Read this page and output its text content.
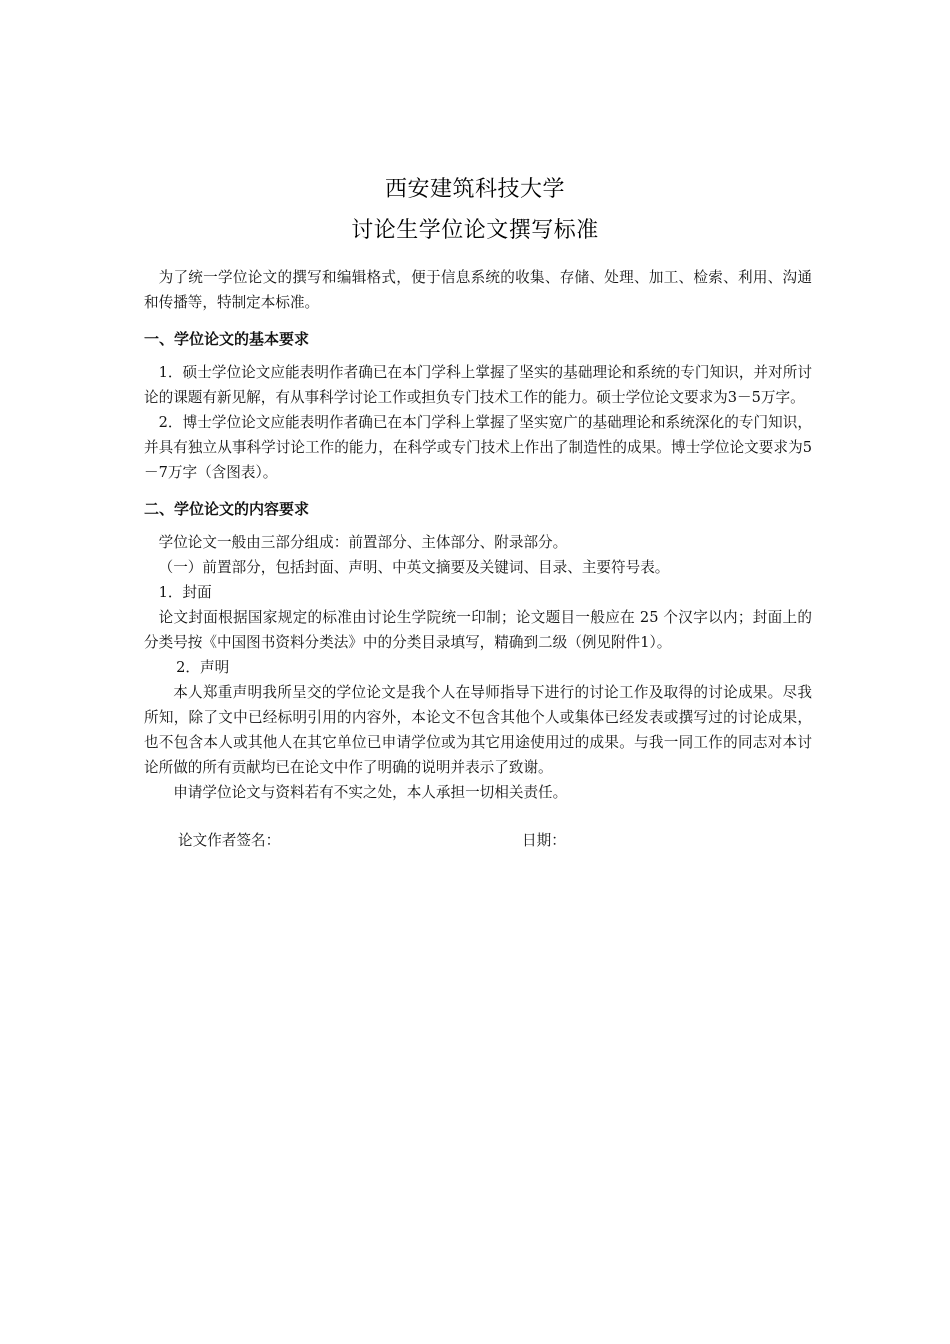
西安建筑科技大学
讨论生学位论文撰写标准

为了统一学位论文的撰写和编辑格式，便于信息系统的收集、存储、处理、加工、检索、利用、沟通和传播等，特制定本标准。

一、学位论文的基本要求

1．硕士学位论文应能表明作者确已在本门学科上掌握了坚实的基础理论和系统的专门知识，并对所讨论的课题有新见解，有从事科学讨论工作或担负专门技术工作的能力。硕士学位论文要求为3－5万字。

2．博士学位论文应能表明作者确已在本门学科上掌握了坚实宽广的基础理论和系统深化的专门知识，并具有独立从事科学讨论工作的能力，在科学或专门技术上作出了制造性的成果。博士学位论文要求为5－7万字（含图表）。

二、学位论文的内容要求

学位论文一般由三部分组成：前置部分、主体部分、附录部分。

（一）前置部分，包括封面、声明、中英文摘要及关键词、目录、主要符号表。

1．封面

论文封面根据国家规定的标准由讨论生学院统一印制；论文题目一般应在 25 个汉字以内；封面上的分类号按《中国图书资料分类法》中的分类目录填写，精确到二级（例见附件1）。

2．声明

本人郑重声明我所呈交的学位论文是我个人在导师指导下进行的讨论工作及取得的讨论成果。尽我所知，除了文中已经标明引用的内容外，本论文不包含其他个人或集体已经发表或撰写过的讨论成果，也不包含本人或其他人在其它单位已申请学位或为其它用途使用过的成果。与我一同工作的同志对本讨论所做的所有贡献均已在论文中作了明确的说明并表示了致谢。

申请学位论文与资料若有不实之处，本人承担一切相关责任。

论文作者签名：	日期：
